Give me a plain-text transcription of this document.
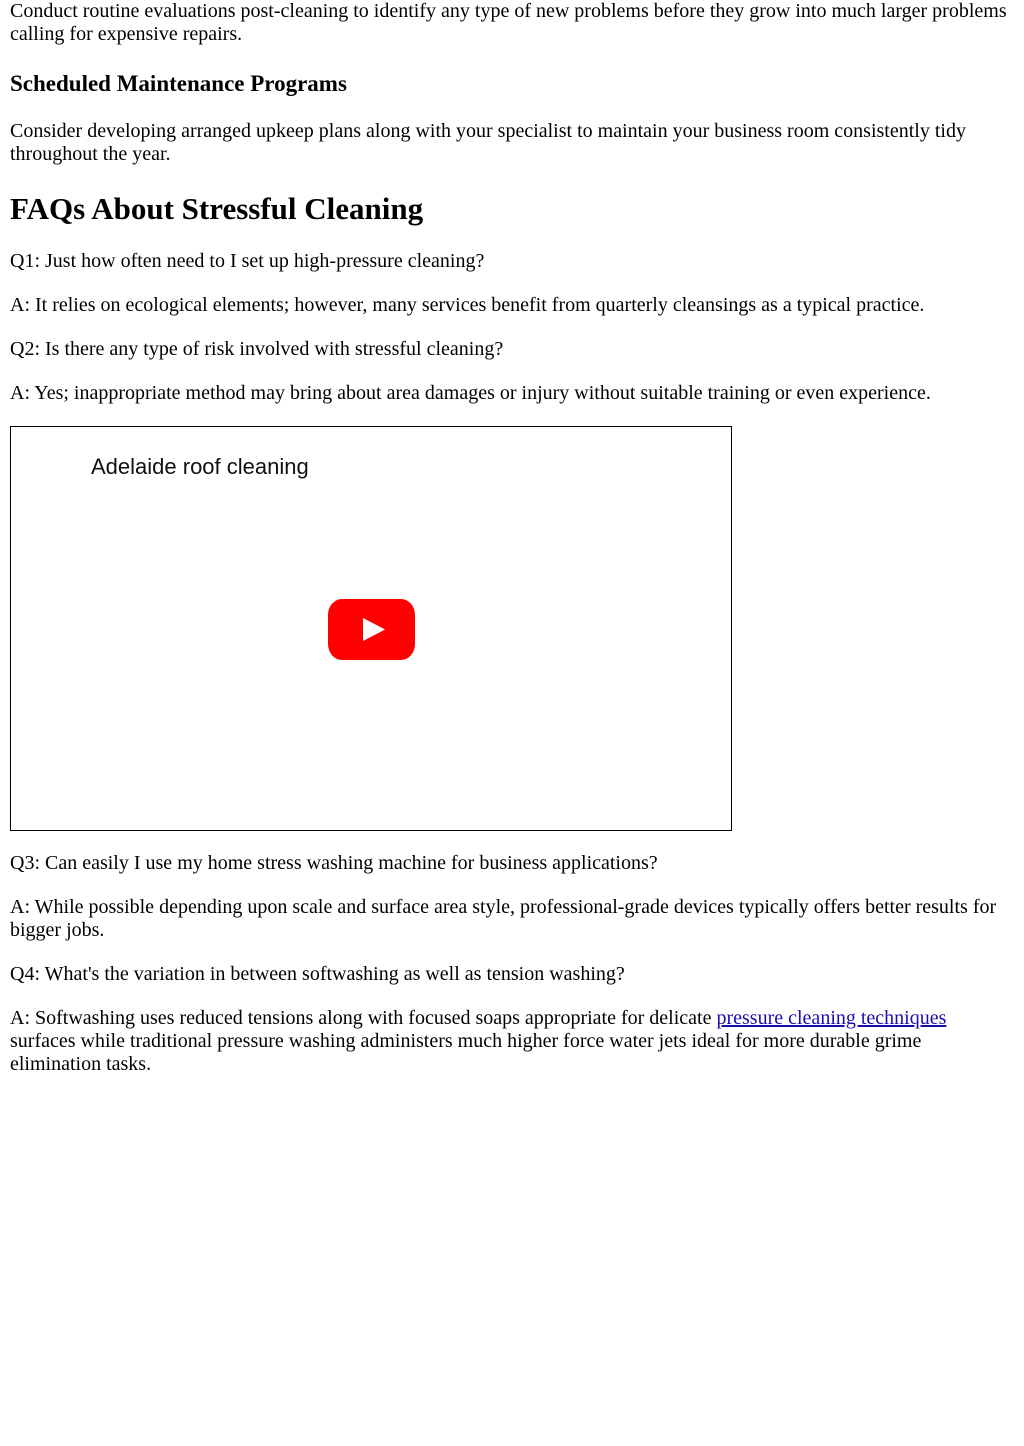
Conduct routine evaluations post-cleaning to identify any type of new problems before they grow into much larger problems calling for expensive repairs.

Scheduled Maintenance Programs

Consider developing arranged upkeep plans along with your specialist to maintain your business room consistently tidy throughout the year.

FAQs About Stressful Cleaning

Q1: Just how often need to I set up high-pressure cleaning?

A: It relies on ecological elements; however, many services benefit from quarterly cleansings as a typical practice.

Q2: Is there any type of risk involved with stressful cleaning?

A: Yes; inappropriate method may bring about area damages or injury without suitable training or even experience.

Adelaide roof cleaning

Q3: Can easily I use my home stress washing machine for business applications?

A: While possible depending upon scale and surface area style, professional-grade devices typically offers better results for bigger jobs.

Q4: What's the variation in between softwashing as well as tension washing?

A: Softwashing uses reduced tensions along with focused soaps appropriate for delicate pressure cleaning techniques surfaces while traditional pressure washing administers much higher force water jets ideal for more durable grime elimination tasks.
